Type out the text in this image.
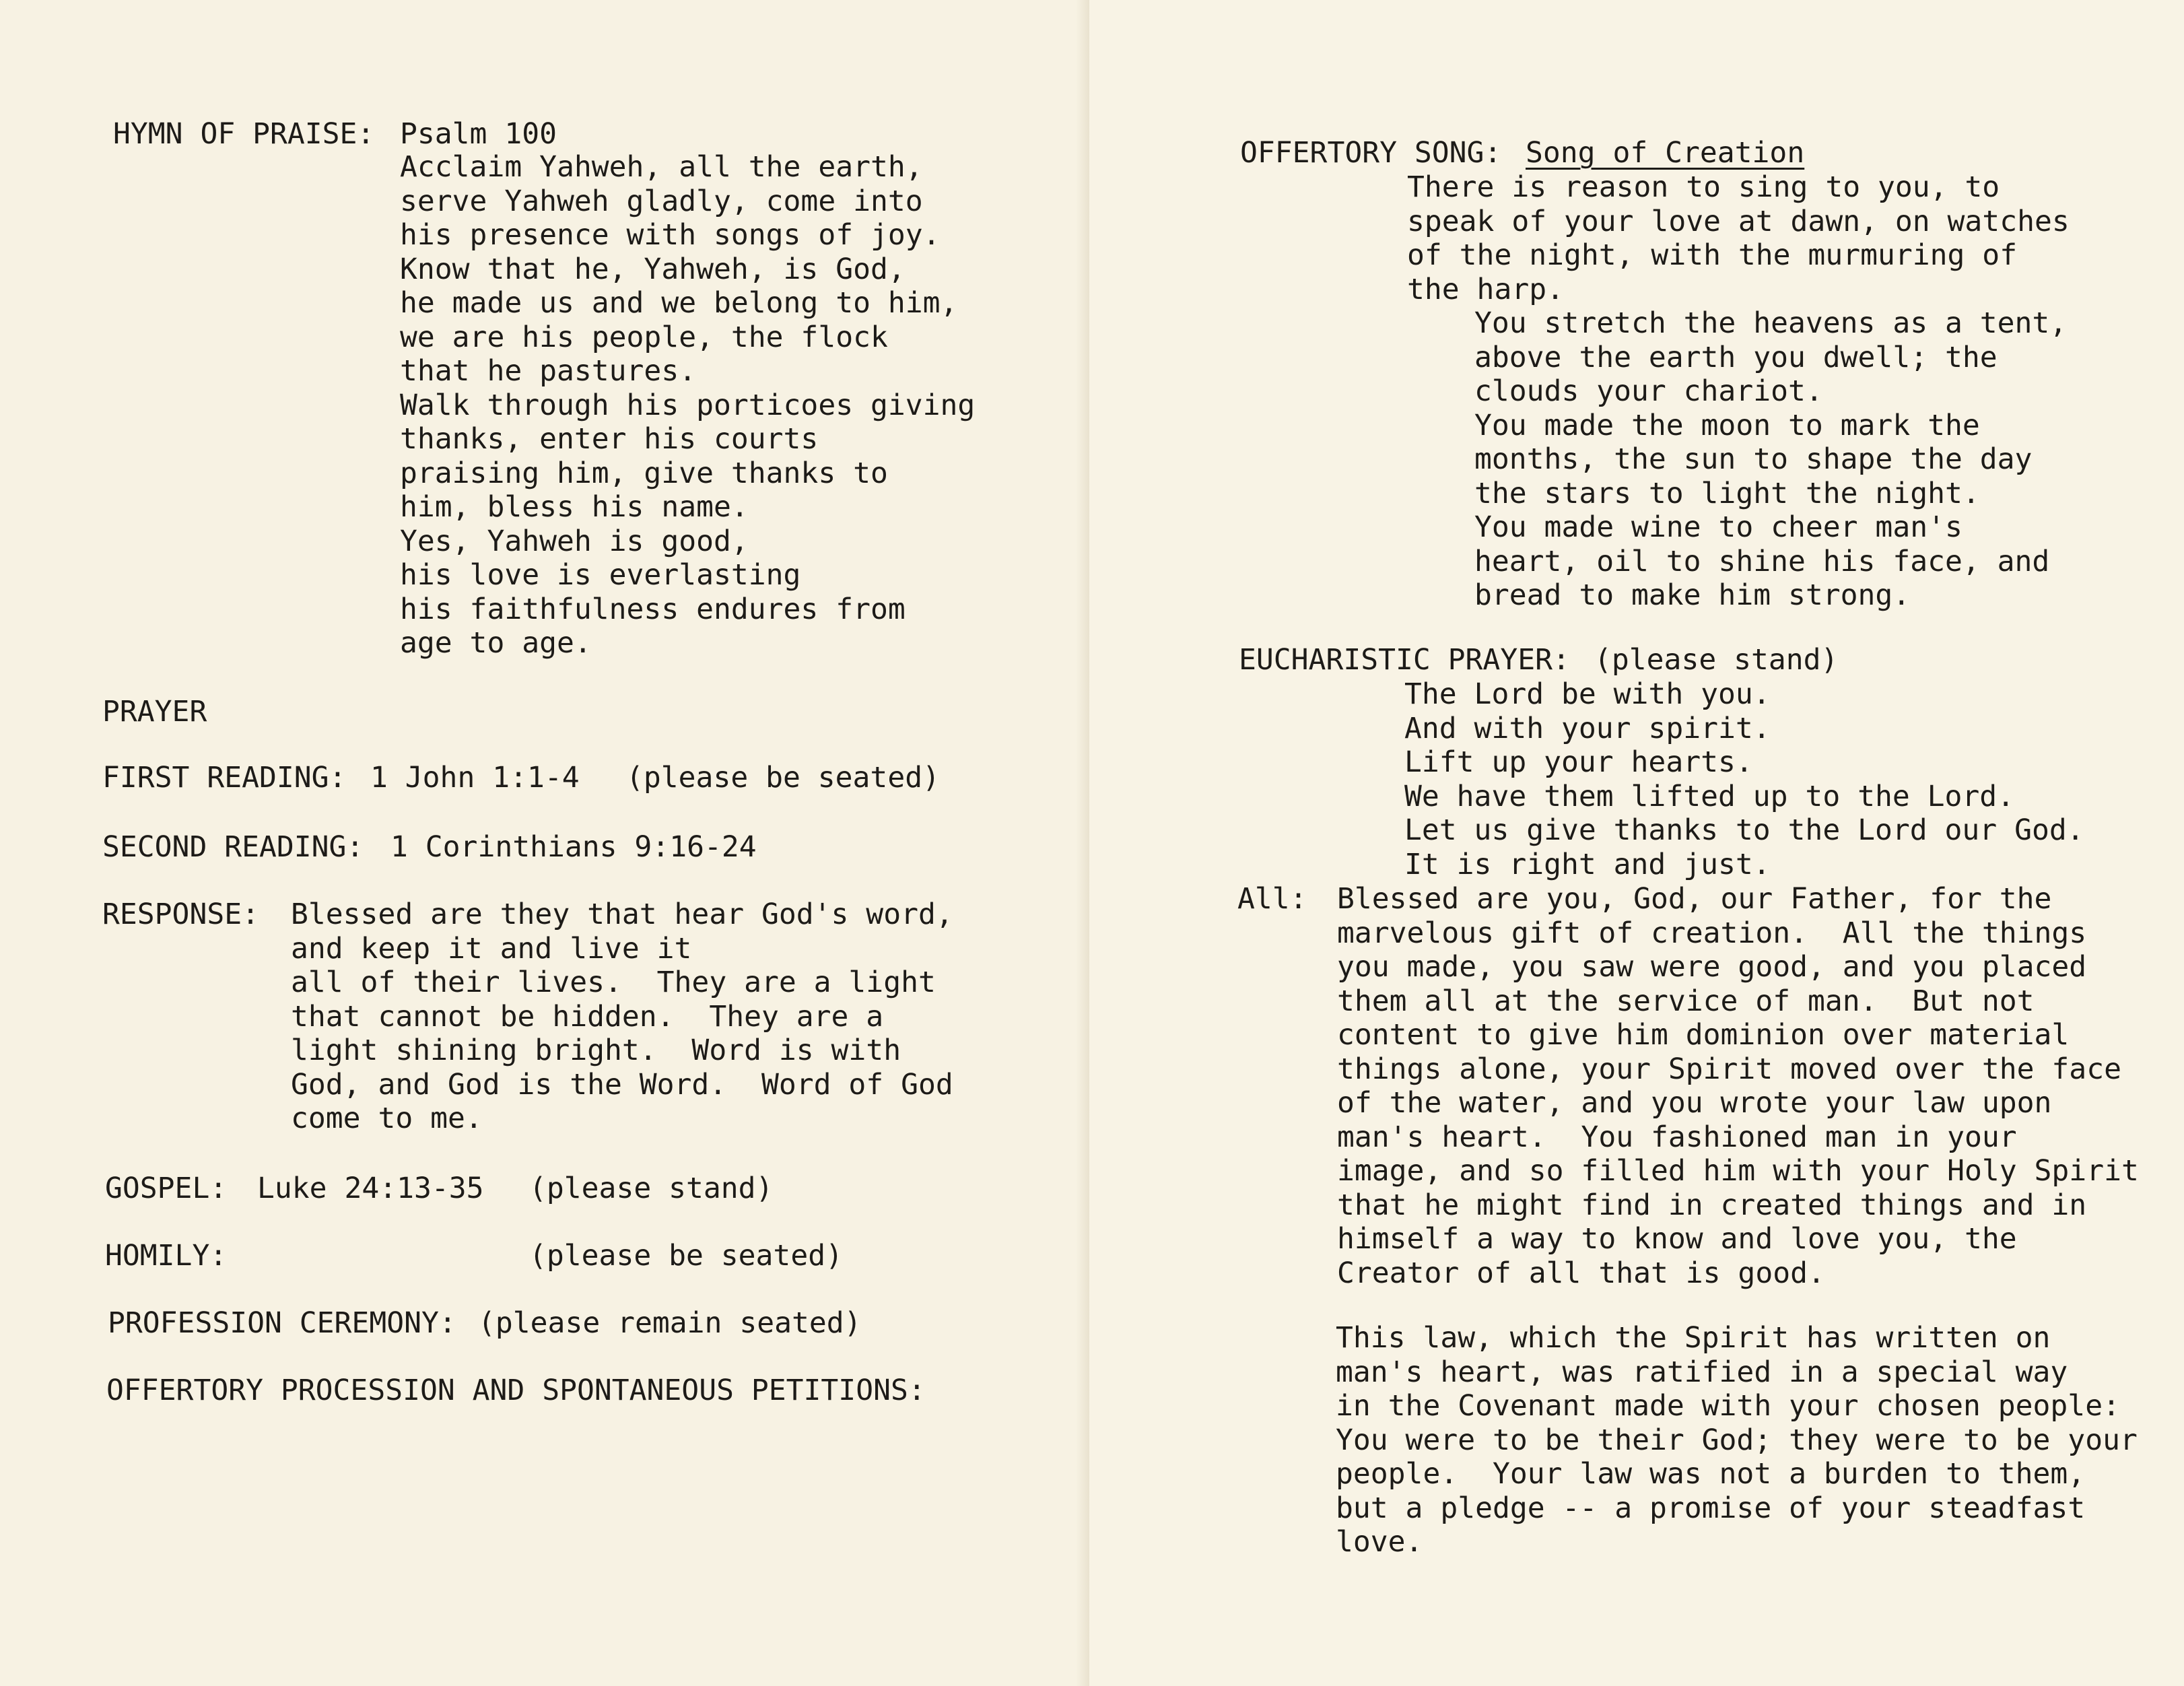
HYMN OF PRAISE: Psalm 100
Acclaim Yahweh, all the earth,
serve Yahweh gladly, come into
his presence with songs of joy.
Know that he, Yahweh, is God,
he made us and we belong to him,
we are his people, the flock
that he pastures.
Walk through his porticoes giving
thanks, enter his courts
praising him, give thanks to
him, bless his name.
Yes, Yahweh is good,
his love is everlasting
his faithfulness endures from
age to age.
PRAYER
FIRST READING: 1 John 1:1-4 (please be seated)
SECOND READING: 1 Corinthians 9:16-24
RESPONSE: Blessed are they that hear God's word,
and keep it and live it
all of their lives.  They are a light
that cannot be hidden.  They are a
light shining bright.  Word is with
God, and God is the Word.  Word of God
come to me.
GOSPEL: Luke 24:13-35 (please stand)
HOMILY:	(please be seated)
PROFESSION CEREMONY: (please remain seated)
OFFERTORY PROCESSION AND SPONTANEOUS PETITIONS:
OFFERTORY SONG: Song of Creation
There is reason to sing to you, to
speak of your love at dawn, on watches
of the night, with the murmuring of
the harp.
You stretch the heavens as a tent,
above the earth you dwell; the
clouds your chariot.
You made the moon to mark the
months, the sun to shape the day
the stars to light the night.
You made wine to cheer man's
heart, oil to shine his face, and
bread to make him strong.
EUCHARISTIC PRAYER: (please stand)
The Lord be with you.
And with your spirit.
Lift up your hearts.
We have them lifted up to the Lord.
Let us give thanks to the Lord our God.
It is right and just.
All: Blessed are you, God, our Father, for the
marvelous gift of creation.  All the things
you made, you saw were good, and you placed
them all at the service of man.  But not
content to give him dominion over material
things alone, your Spirit moved over the face
of the water, and you wrote your law upon
man's heart.  You fashioned man in your
image, and so filled him with your Holy Spirit
that he might find in created things and in
himself a way to know and love you, the
Creator of all that is good.
This law, which the Spirit has written on
man's heart, was ratified in a special way
in the Covenant made with your chosen people:
You were to be their God; they were to be your
people.  Your law was not a burden to them,
but a pledge -- a promise of your steadfast
love.
